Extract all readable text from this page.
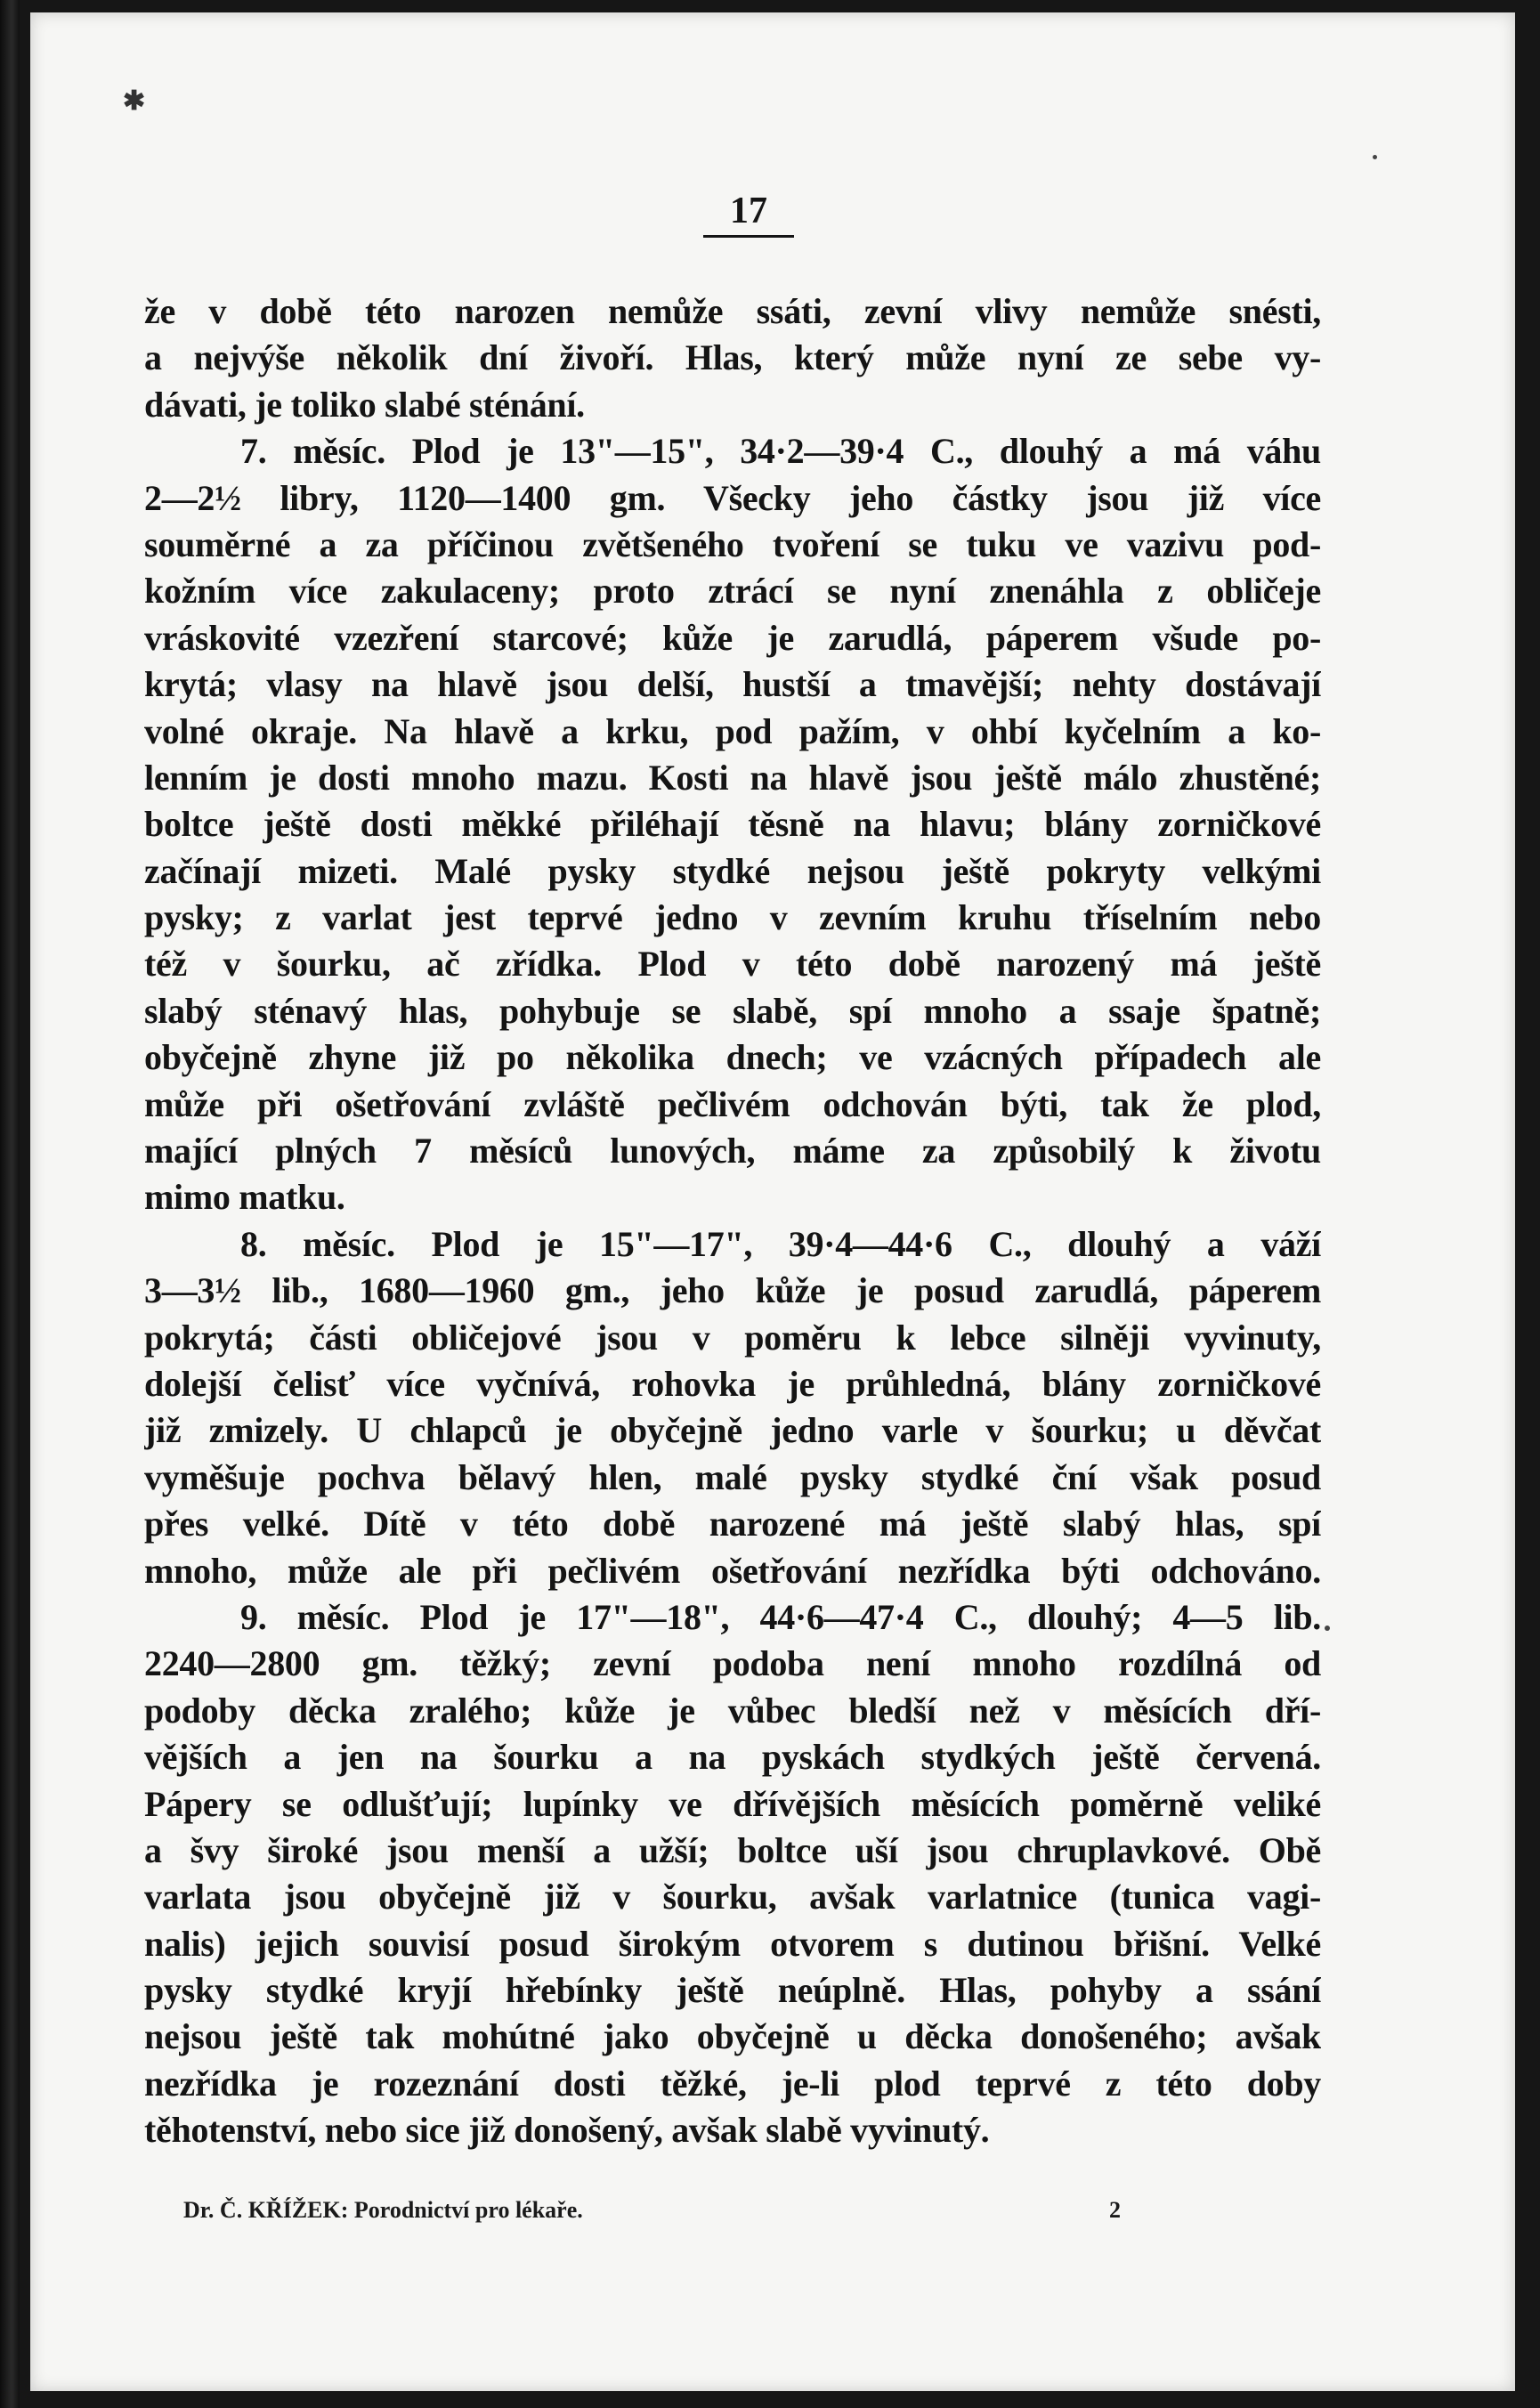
✱
17
že v době této narozen nemůže ssáti, zevní vlivy nemůže snésti,
a nejvýše několik dní živoří. Hlas, který může nyní ze sebe vy-
dávati, je toliko slabé sténání.
7. měsíc. Plod je 13"—15", 34·2—39·4 C., dlouhý a má váhu
2—2½ libry, 1120—1400 gm. Všecky jeho částky jsou již více
souměrné a za příčinou zvětšeného tvoření se tuku ve vazivu pod-
kožním více zakulaceny; proto ztrácí se nyní znenáhla z obličeje
vráskovité vzezření starcové; kůže je zarudlá, páperem všude po-
krytá; vlasy na hlavě jsou delší, hustší a tmavější; nehty dostávají
volné okraje. Na hlavě a krku, pod pažím, v ohbí kyčelním a ko-
lenním je dosti mnoho mazu. Kosti na hlavě jsou ještě málo zhustěné;
boltce ještě dosti měkké přiléhají těsně na hlavu; blány zorničkové
začínají mizeti. Malé pysky stydké nejsou ještě pokryty velkými
pysky; z varlat jest teprvé jedno v zevním kruhu tříselním nebo
též v šourku, ač zřídka. Plod v této době narozený má ještě
slabý sténavý hlas, pohybuje se slabě, spí mnoho a ssaje špatně;
obyčejně zhyne již po několika dnech; ve vzácných případech ale
může při ošetřování zvláště pečlivém odchován býti, tak že plod,
mající plných 7 měsíců lunových, máme za způsobilý k životu
mimo matku.
8. měsíc. Plod je 15"—17", 39·4—44·6 C., dlouhý a váží
3—3½ lib., 1680—1960 gm., jeho kůže je posud zarudlá, páperem
pokrytá; části obličejové jsou v poměru k lebce silněji vyvinuty,
dolejší čelisť více vyčnívá, rohovka je průhledná, blány zorničkové
již zmizely. U chlapců je obyčejně jedno varle v šourku; u děvčat
vyměšuje pochva bělavý hlen, malé pysky stydké ční však posud
přes velké. Dítě v této době narozené má ještě slabý hlas, spí
mnoho, může ale při pečlivém ošetřování nezřídka býti odchováno.
9. měsíc. Plod je 17"—18", 44·6—47·4 C., dlouhý; 4—5 lib.
2240—2800 gm. těžký; zevní podoba není mnoho rozdílná od
podoby děcka zralého; kůže je vůbec bledší než v měsících dří-
vějších a jen na šourku a na pyskách stydkých ještě červená.
Pápery se odlušťují; lupínky ve dřívějších měsících poměrně veliké
a švy široké jsou menší a užší; boltce uší jsou chruplavkové. Obě
varlata jsou obyčejně již v šourku, avšak varlatnice (tunica vagi-
nalis) jejich souvisí posud širokým otvorem s dutinou břišní. Velké
pysky stydké kryjí hřebínky ještě neúplně. Hlas, pohyby a ssání
nejsou ještě tak mohútné jako obyčejně u děcka donošeného; avšak
nezřídka je rozeznání dosti těžké, je-li plod teprvé z této doby
těhotenství, nebo sice již donošený, avšak slabě vyvinutý.
Dr. Č. KŘÍŽEK: Porodnictví pro lékaře.	2
